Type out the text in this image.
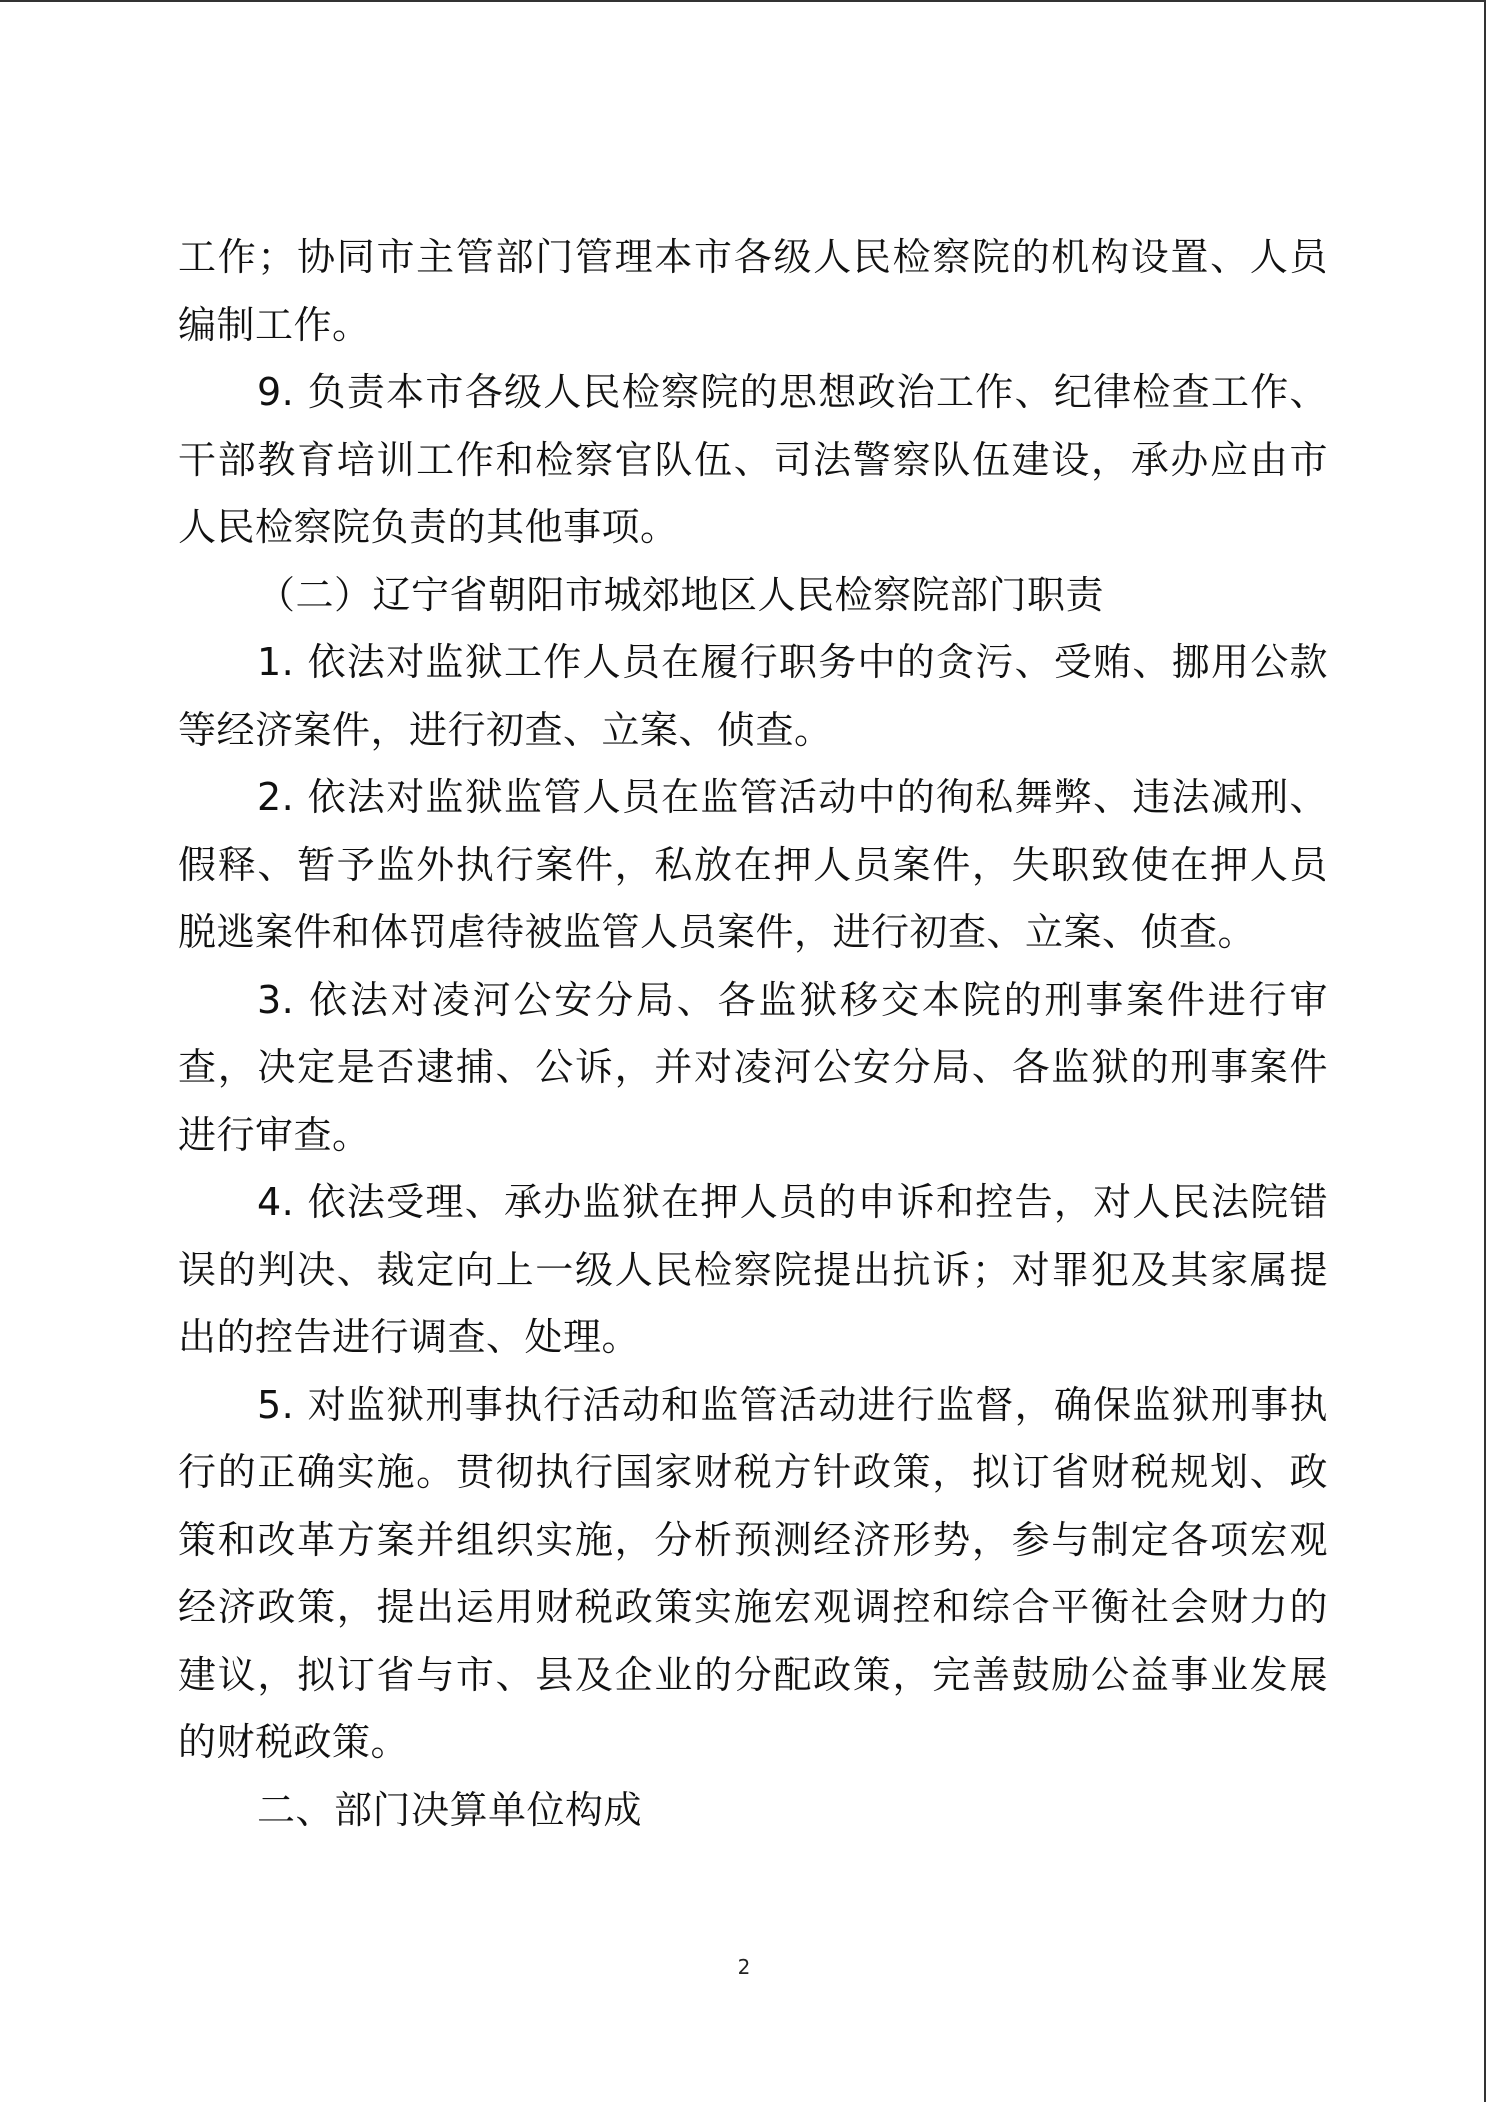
工作；协同市主管部门管理本市各级人民检察院的机构设置、人员编制工作。

9. 负责本市各级人民检察院的思想政治工作、纪律检查工作、干部教育培训工作和检察官队伍、司法警察队伍建设，承办应由市人民检察院负责的其他事项。

（二）辽宁省朝阳市城郊地区人民检察院部门职责

1. 依法对监狱工作人员在履行职务中的贪污、受贿、挪用公款等经济案件，进行初查、立案、侦查。

2. 依法对监狱监管人员在监管活动中的徇私舞弊、违法减刑、假释、暂予监外执行案件，私放在押人员案件，失职致使在押人员脱逃案件和体罚虐待被监管人员案件，进行初查、立案、侦查。

3. 依法对凌河公安分局、各监狱移交本院的刑事案件进行审查，决定是否逮捕、公诉，并对凌河公安分局、各监狱的刑事案件进行审查。

4. 依法受理、承办监狱在押人员的申诉和控告，对人民法院错误的判决、裁定向上一级人民检察院提出抗诉；对罪犯及其家属提出的控告进行调查、处理。

5. 对监狱刑事执行活动和监管活动进行监督，确保监狱刑事执行的正确实施。贯彻执行国家财税方针政策，拟订省财税规划、政策和改革方案并组织实施，分析预测经济形势，参与制定各项宏观经济政策，提出运用财税政策实施宏观调控和综合平衡社会财力的建议，拟订省与市、县及企业的分配政策，完善鼓励公益事业发展的财税政策。

二、部门决算单位构成

2
